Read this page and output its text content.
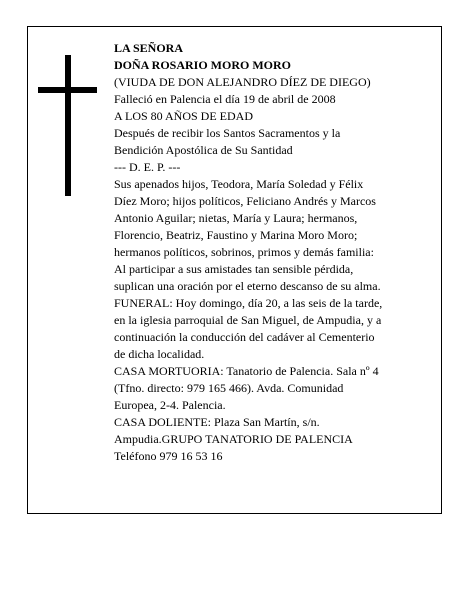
LA SEÑORA
DOÑA ROSARIO MORO MORO
(VIUDA DE DON ALEJANDRO DÍEZ DE DIEGO)
Falleció en Palencia el día 19 de abril de 2008
A LOS 80 AÑOS DE EDAD
Después de recibir los Santos Sacramentos y la
Bendición Apostólica de Su Santidad
--- D. E. P. ---
Sus apenados hijos, Teodora, María Soledad y Félix
Díez Moro; hijos políticos, Feliciano Andrés y Marcos
Antonio Aguilar; nietas, María y Laura; hermanos,
Florencio, Beatriz, Faustino y Marina Moro Moro;
hermanos políticos, sobrinos, primos y demás familia:
Al participar a sus amistades tan sensible pérdida,
suplican una oración por el eterno descanso de su alma.
FUNERAL: Hoy domingo, día 20, a las seis de la tarde,
en la iglesia parroquial de San Miguel, de Ampudia, y a
continuación la conducción del cadáver al Cementerio
de dicha localidad.
CASA MORTUORIA: Tanatorio de Palencia. Sala nº 4
(Tfno. directo: 979 165 466). Avda. Comunidad
Europea, 2-4. Palencia.
CASA DOLIENTE: Plaza San Martín, s/n.
Ampudia.GRUPO TANATORIO DE PALENCIA
Teléfono 979 16 53 16
